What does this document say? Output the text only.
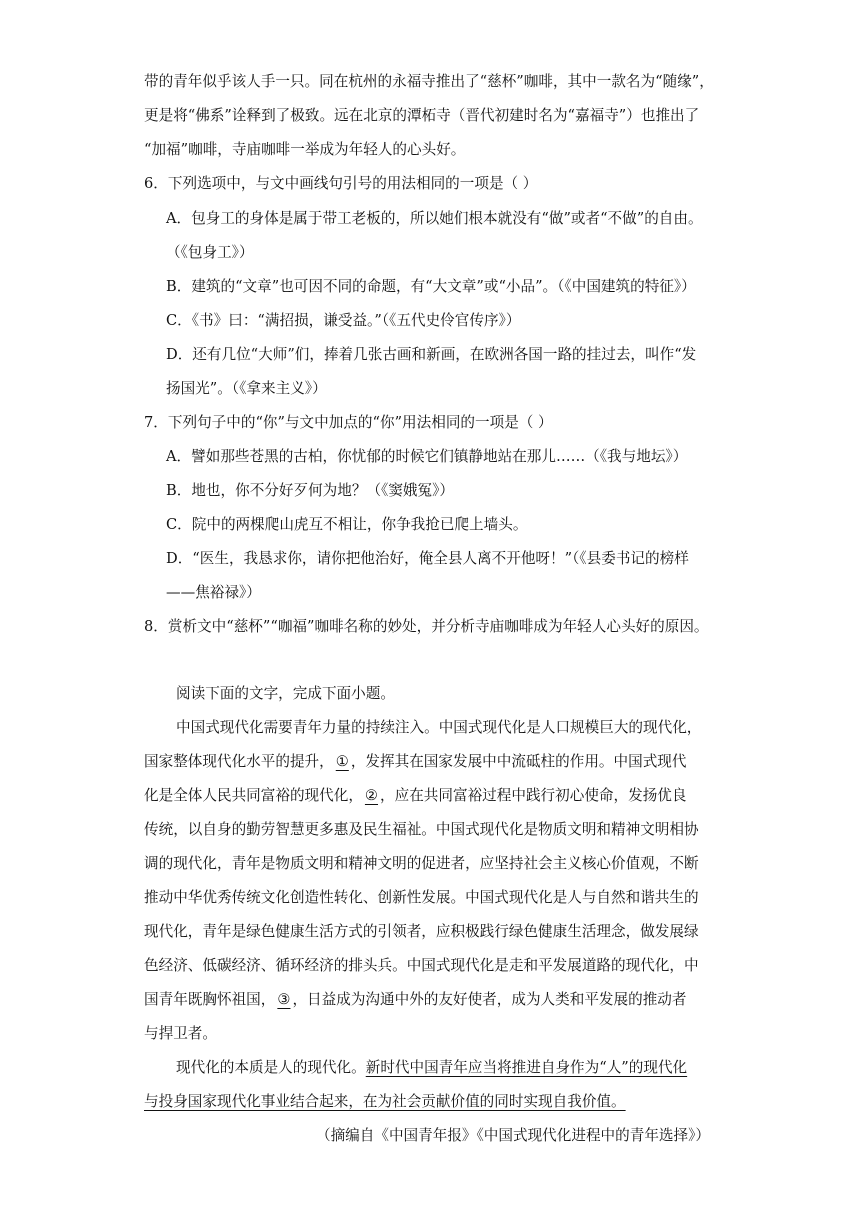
带的青年似乎该人手一只。同在杭州的永福寺推出了“慈杯”咖啡，其中一款名为“随缘”，
更是将“佛系”诠释到了极致。远在北京的潭柘寺（晋代初建时名为“嘉福寺”）也推出了
“加福”咖啡，寺庙咖啡一举成为年轻人的心头好。
6．下列选项中，与文中画线句引号的用法相同的一项是（ ）
A．包身工的身体是属于带工老板的，所以她们根本就没有“做”或者“不做”的自由。
（《包身工》）
B．建筑的“文章”也可因不同的命题，有“大文章”或“小品”。（《中国建筑的特征》）
C．《书》曰：“满招损，谦受益。”（《五代史伶官传序》）
D．还有几位“大师”们，捧着几张古画和新画，在欧洲各国一路的挂过去，叫作“发
扬国光”。（《拿来主义》）
7．下列句子中的“你”与文中加点的“你”用法相同的一项是（ ）
A．譬如那些苍黑的古柏，你忧郁的时候它们镇静地站在那儿……（《我与地坛》）
B．地也，你不分好歹何为地？（《窦娥冤》）
C．院中的两棵爬山虎互不相让，你争我抢已爬上墙头。
D．“医生，我恳求你，请你把他治好，俺全县人离不开他呀！”（《县委书记的榜样
——焦裕禄》）
8．赏析文中“慈杯”“咖福”咖啡名称的妙处，并分析寺庙咖啡成为年轻人心头好的原因。
阅读下面的文字，完成下面小题。
中国式现代化需要青年力量的持续注入。中国式现代化是人口规模巨大的现代化，
国家整体现代化水平的提升，①，发挥其在国家发展中中流砥柱的作用。中国式现代
化是全体人民共同富裕的现代化，②，应在共同富裕过程中践行初心使命，发扬优良
传统，以自身的勤劳智慧更多惠及民生福祉。中国式现代化是物质文明和精神文明相协
调的现代化，青年是物质文明和精神文明的促进者，应坚持社会主义核心价值观，不断
推动中华优秀传统文化创造性转化、创新性发展。中国式现代化是人与自然和谐共生的
现代化，青年是绿色健康生活方式的引领者，应积极践行绿色健康生活理念，做发展绿
色经济、低碳经济、循环经济的排头兵。中国式现代化是走和平发展道路的现代化，中
国青年既胸怀祖国，③，日益成为沟通中外的友好使者，成为人类和平发展的推动者
与捍卫者。
现代化的本质是人的现代化。新时代中国青年应当将推进自身作为“人”的现代化
与投身国家现代化事业结合起来，在为社会贡献价值的同时实现自我价值。
（摘编自《中国青年报》《中国式现代化进程中的青年选择》）
